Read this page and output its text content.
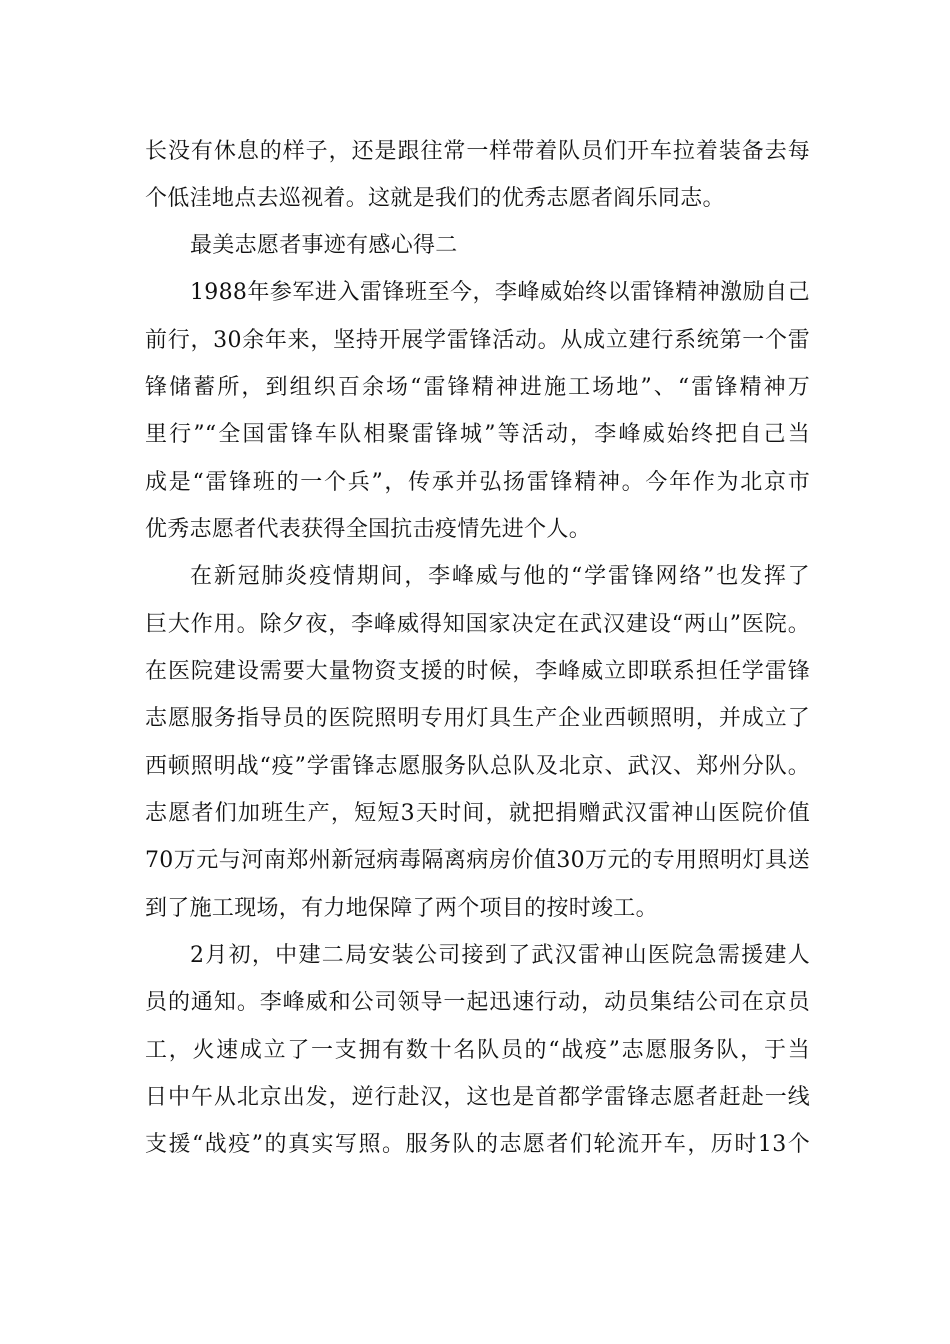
长没有休息的样子，还是跟往常一样带着队员们开车拉着装备去每
个低洼地点去巡视着。这就是我们的优秀志愿者阎乐同志。
最美志愿者事迹有感心得二
1988年参军进入雷锋班至今，李峰威始终以雷锋精神激励自己
前行，30余年来，坚持开展学雷锋活动。从成立建行系统第一个雷
锋储蓄所，到组织百余场“雷锋精神进施工场地”、“雷锋精神万
里行”“全国雷锋车队相聚雷锋城”等活动，李峰威始终把自己当
成是“雷锋班的一个兵”，传承并弘扬雷锋精神。今年作为北京市
优秀志愿者代表获得全国抗击疫情先进个人。
在新冠肺炎疫情期间，李峰威与他的“学雷锋网络”也发挥了
巨大作用。除夕夜，李峰威得知国家决定在武汉建设“两山”医院。
在医院建设需要大量物资支援的时候，李峰威立即联系担任学雷锋
志愿服务指导员的医院照明专用灯具生产企业西顿照明，并成立了
西顿照明战“疫”学雷锋志愿服务队总队及北京、武汉、郑州分队。
志愿者们加班生产，短短3天时间，就把捐赠武汉雷神山医院价值
70万元与河南郑州新冠病毒隔离病房价值30万元的专用照明灯具送
到了施工现场，有力地保障了两个项目的按时竣工。
2月初，中建二局安装公司接到了武汉雷神山医院急需援建人
员的通知。李峰威和公司领导一起迅速行动，动员集结公司在京员
工，火速成立了一支拥有数十名队员的“战疫”志愿服务队，于当
日中午从北京出发，逆行赴汉，这也是首都学雷锋志愿者赶赴一线
支援“战疫”的真实写照。服务队的志愿者们轮流开车，历时13个
